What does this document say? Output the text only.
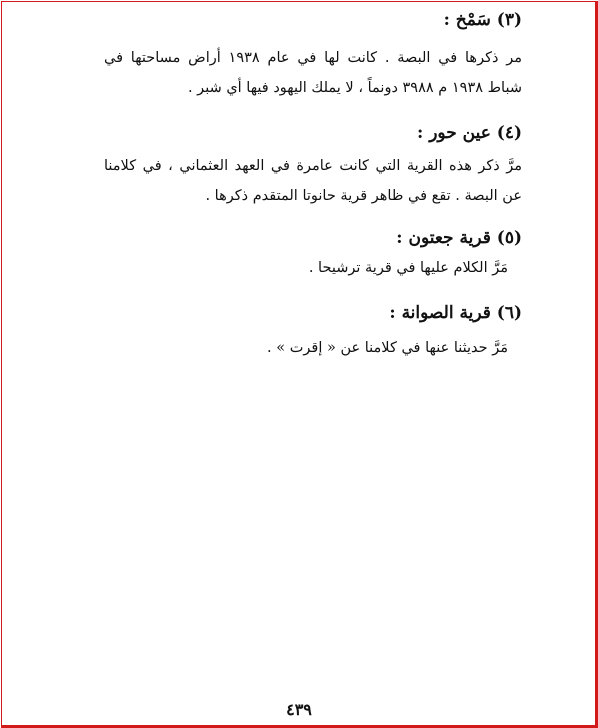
(٣) سَمْخ :
مر ذكرها في البصة . كانت لها في عام ١٩٣٨ أراض مساحتها في
شباط ١٩٣٨ م ٣٩٨٨ دونماً ، لا يملك اليهود فيها أي شبر .
(٤) عين حور :
مرَّ ذكر هذه القرية التي كانت عامرة في العهد العثماني ، في كلامنا
عن البصة . تقع في ظاهر قرية حانوتا المتقدم ذكرها .
(٥) قرية جعتون :
مَرَّ الكلام عليها في قرية ترشيحا .
(٦) قرية الصوانة :
مَرَّ حديثنا عنها في كلامنا عن « إقرت » .
٤٣٩
